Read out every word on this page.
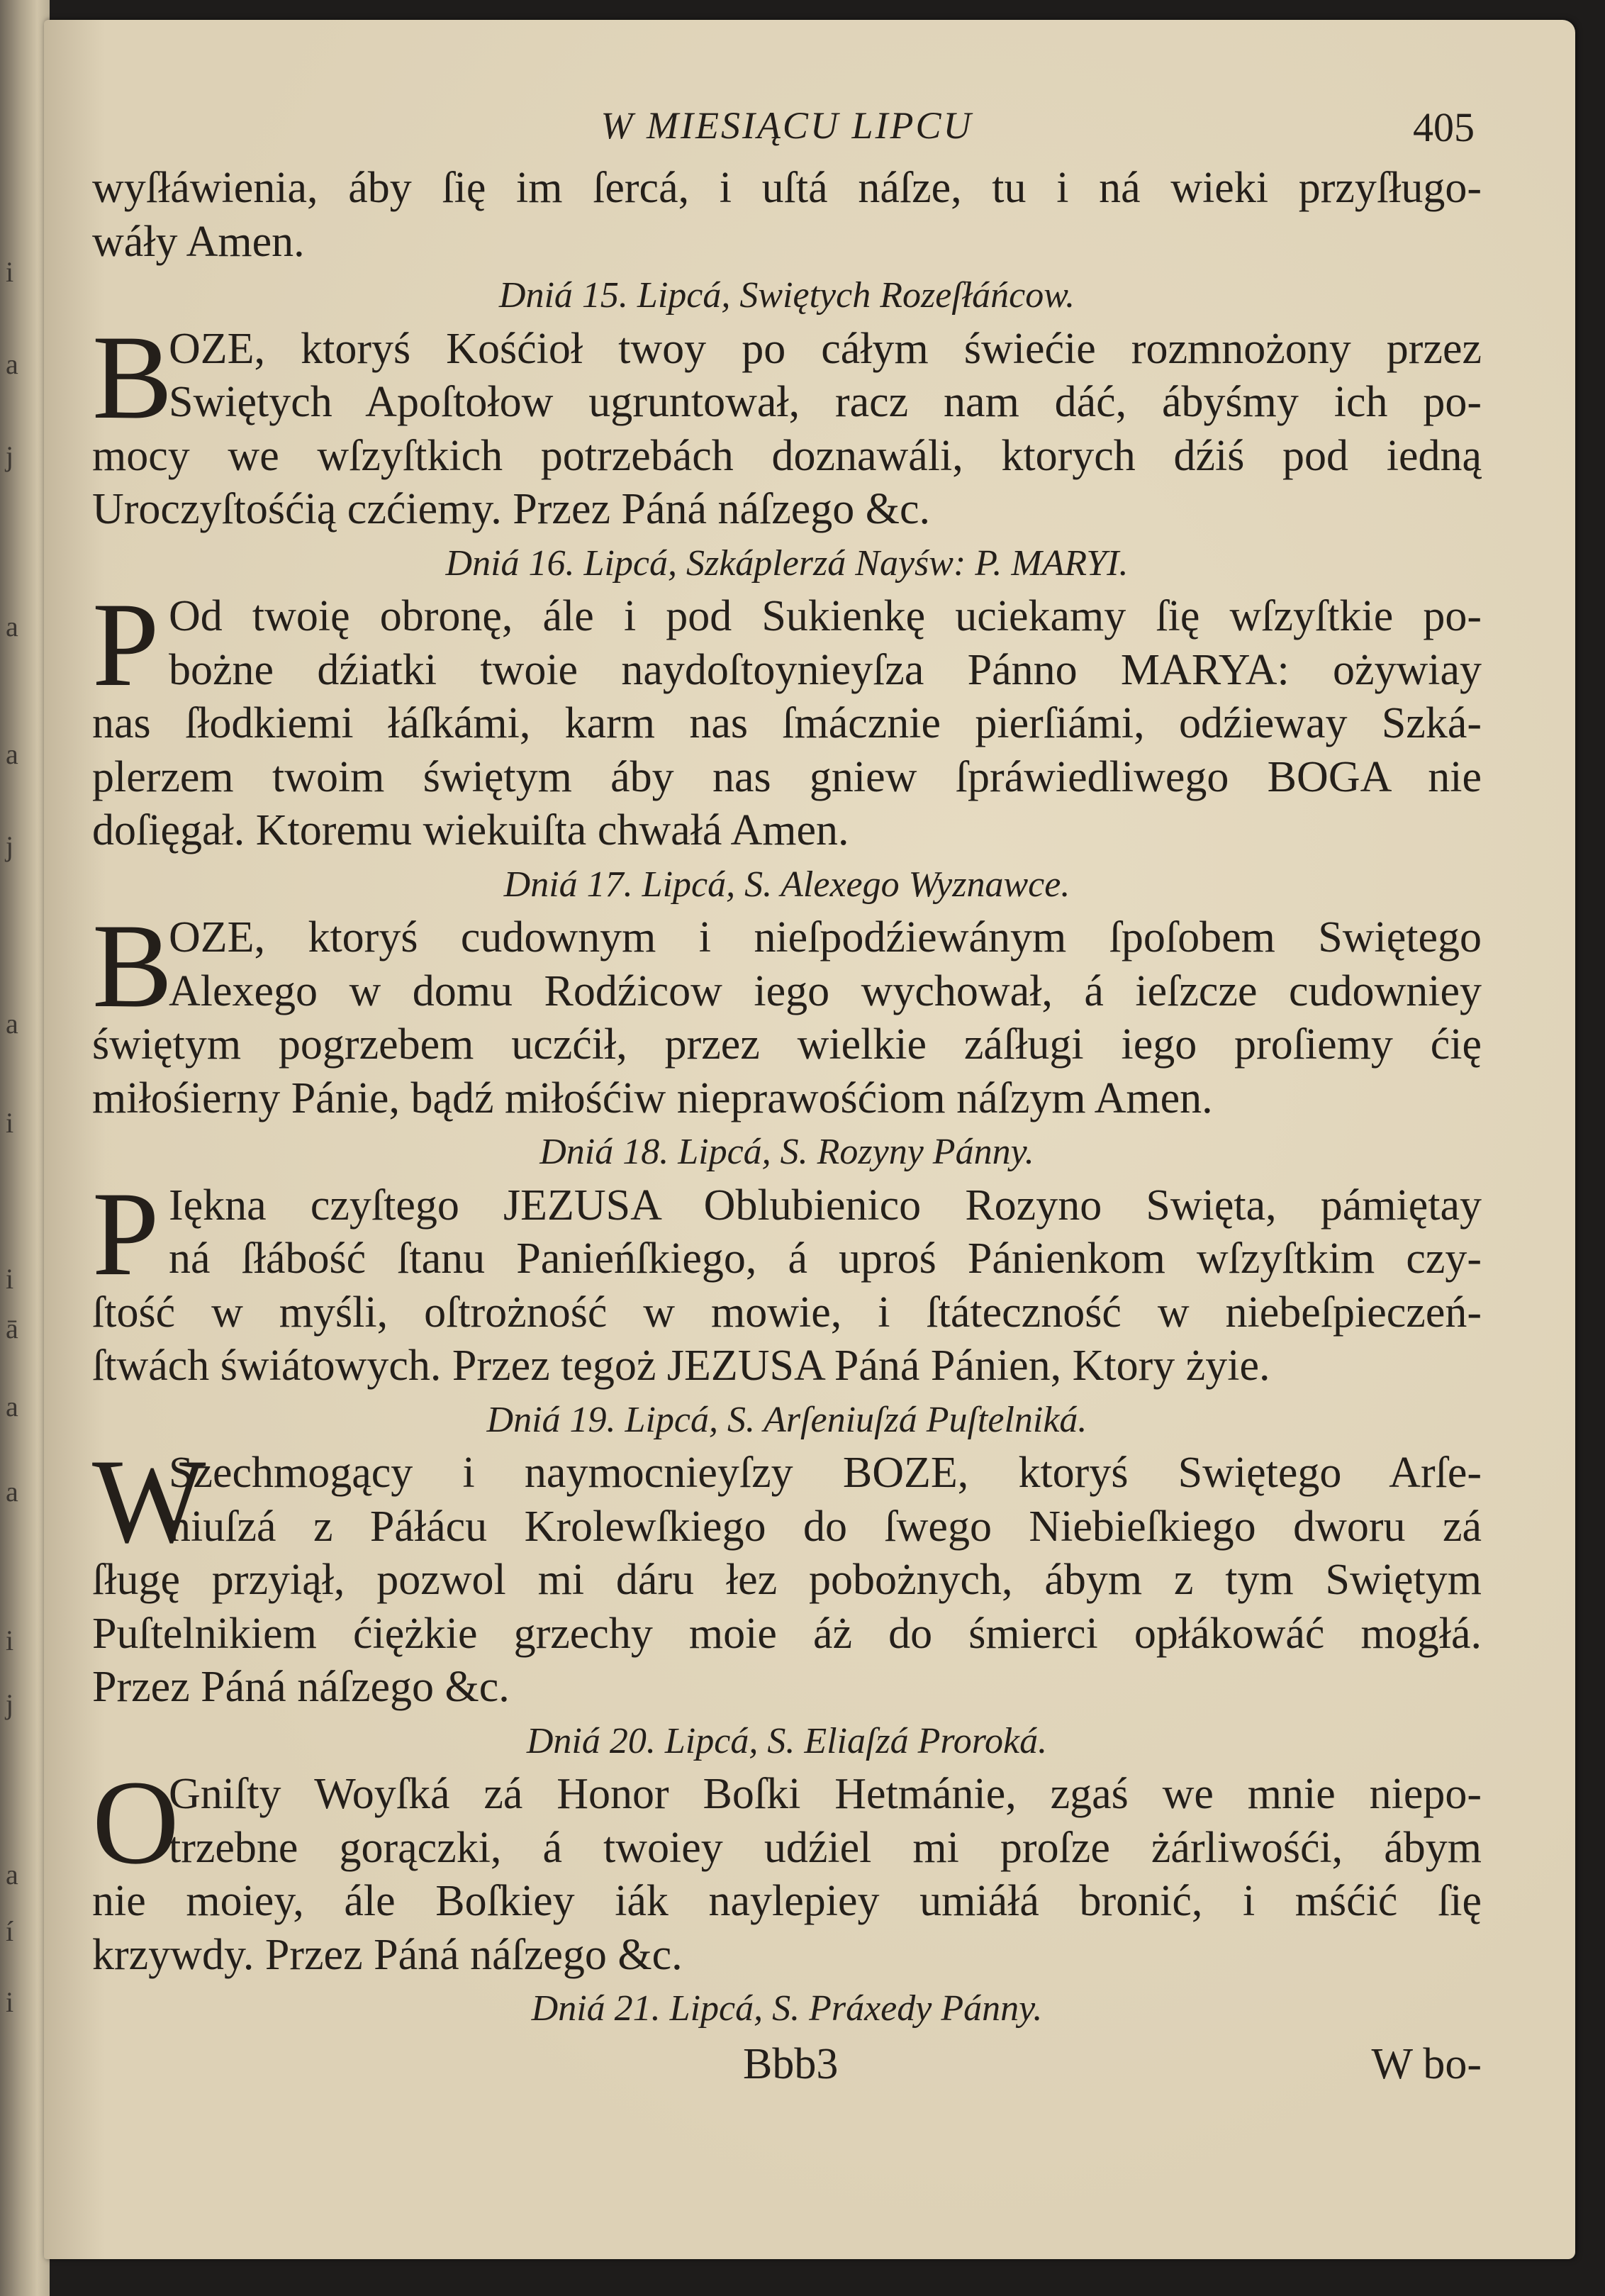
i
a
j
a
a
j
a
i
i
ā
a
a
i
j
a
í
i
W MIESIĄCU LIPCU	405
wyſłáwienia, áby ſię im ſercá, i uſtá náſze, tu i ná wieki przyſługo-
wáły Amen.
Dniá 15. Lipcá, Swiętych Rozeſłáńcow.
B
OZE, ktoryś Kośćioł twoy po cáłym świećie rozmnożony przez
Swiętych Apoſtołow ugruntował, racz nam dáć, ábyśmy ich po-
mocy we wſzyſtkich potrzebách doznawáli, ktorych dźiś pod iedną
Uroczyſtośćią czćiemy. Przez Páná náſzego &c.
Dniá 16. Lipcá, Szkáplerzá Nayśw: P. MARYI.
P Od twoię obronę, ále i pod Sukienkę uciekamy ſię wſzyſtkie po-
bożne dźiatki twoie naydoſtoynieyſza Pánno MARYA: ożywiay
nas ſłodkiemi łáſkámi, karm nas ſmácznie pierſiámi, odźieway Szká-
plerzem twoim świętym áby nas gniew ſpráwiedliwego BOGA nie
doſięgał. Ktoremu wiekuiſta chwałá Amen.
Dniá 17. Lipcá, S. Alexego Wyznawce.
B
OZE, ktoryś cudownym i nieſpodźiewánym ſpoſobem Swiętego
Alexego w domu Rodźicow iego wychował, á ieſzcze cudowniey
świętym pogrzebem uczćił, przez wielkie záſługi iego proſiemy ćię
miłośierny Pánie, bądź miłośćiw nieprawośćiom náſzym Amen.
Dniá 18. Lipcá, S. Rozyny Pánny.
P Ięknа czyſtego JEZUSA Oblubienico Rozyno Swięta, pámiętay
ná ſłábość ſtanu Panieńſkiego, á uproś Pánienkom wſzyſtkim czy-
ſtość w myśli, oſtrożność w mowie, i ſtáteczność w niebeſpieczeń-
ſtwách świátowych. Przez tegoż JEZUSA Páná Pánien, Ktory żyie.
Dniá 19. Lipcá, S. Arſeniuſzá Puſtelniká.
W
Szechmogący i naymocnieyſzy BOZE, ktoryś Swiętego Arſe-
niuſzá z Páłácu Krolewſkiego do ſwego Niebieſkiego dworu zá
ſługę przyiął, pozwol mi dáru łez pobożnych, ábym z tym Swiętym
Puſtelnikiem ćiężkie grzechy moie áż do śmierci opłákowáć mogłá.
Przez Páná náſzego &c.
Dniá 20. Lipcá, S. Eliaſzá Proroká.
O
Gniſty Woyſká zá Honor Boſki Hetmánie, zgaś we mnie niepo-
trzebne gorączki, á twoiey udźiel mi proſze żárliwośći, ábym
nie moiey, ále Boſkiey iák naylepiey umiáłá bronić, i mśćić ſię
krzywdy. Przez Páná náſzego &c.
Dniá 21. Lipcá, S. Práxedy Pánny.
Bbb3	W bo-
